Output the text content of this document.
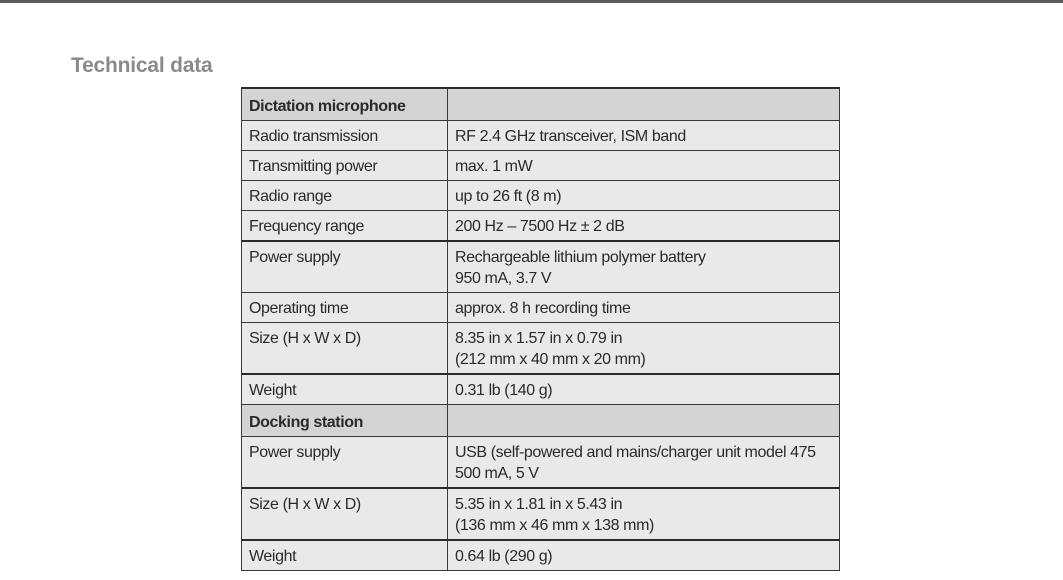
Technical data
Dictation microphone	
Radio transmission	RF 2.4 GHz transceiver, ISM band

Transmitting power	max. 1 mW

Radio range	up to 26 ft (8 m)

Frequency range	200 Hz – 7500 Hz ± 2 dB

Power supply	Rechargeable lithium polymer battery
950 mA, 3.7 V

Operating time	approx. 8 h recording time

Size (H x W x D)	8.35 in x 1.57 in x 0.79 in
(212 mm x 40 mm x 20 mm)

Weight	0.31 lb (140 g)

Docking station	
Power supply	USB (self-powered and mains/charger unit model 475
500 mA, 5 V

Size (H x W x D)	5.35 in x 1.81 in x 5.43 in
(136 mm x 46 mm x 138 mm)

Weight	0.64 lb (290 g)
